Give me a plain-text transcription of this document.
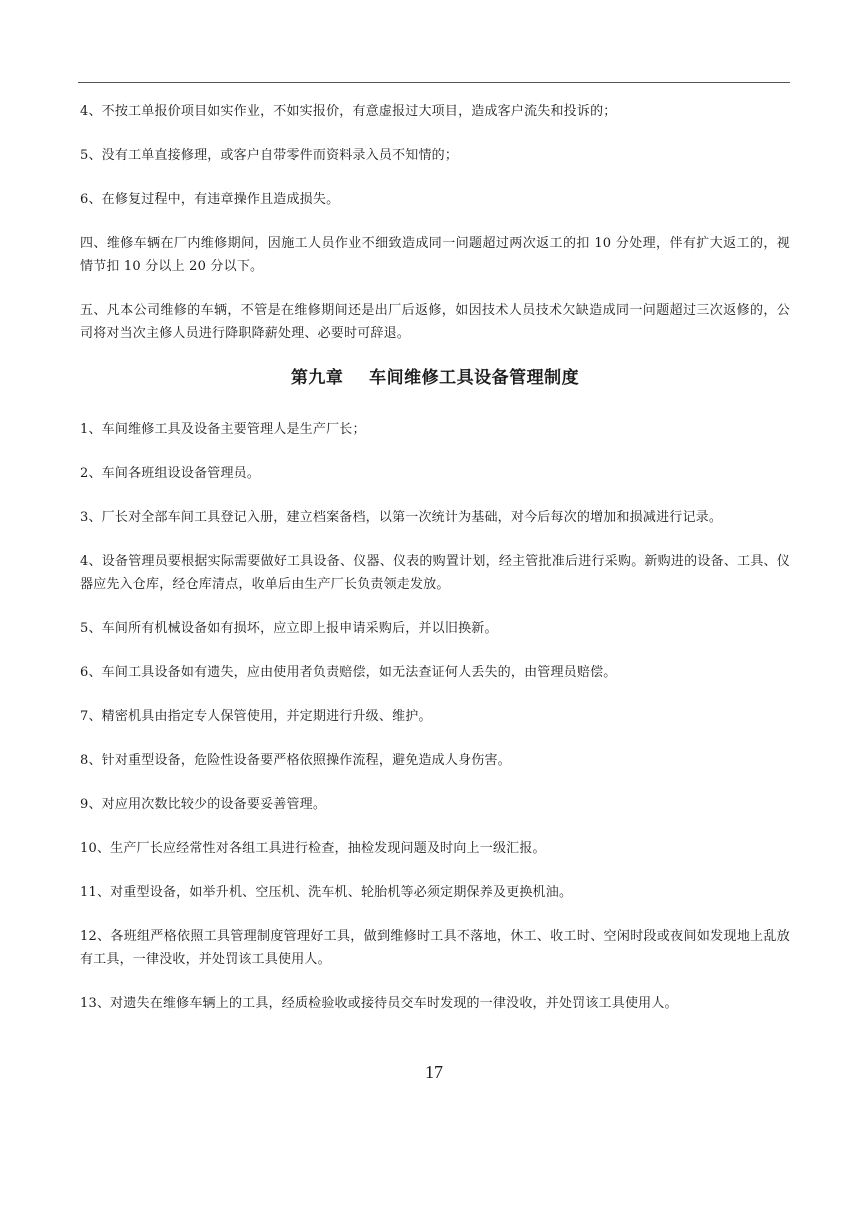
4、不按工单报价项目如实作业，不如实报价，有意虚报过大项目，造成客户流失和投诉的；

5、没有工单直接修理，或客户自带零件而资料录入员不知情的；

6、在修复过程中，有违章操作且造成损失。

四、维修车辆在厂内维修期间，因施工人员作业不细致造成同一问题超过两次返工的扣 10 分处理，伴有扩大返工的，视情节扣 10 分以上 20 分以下。

五、凡本公司维修的车辆，不管是在维修期间还是出厂后返修，如因技术人员技术欠缺造成同一问题超过三次返修的，公司将对当次主修人员进行降职降薪处理、必要时可辞退。

第九章    车间维修工具设备管理制度

1、车间维修工具及设备主要管理人是生产厂长；

2、车间各班组设设备管理员。

3、厂长对全部车间工具登记入册，建立档案备档，以第一次统计为基础，对今后每次的增加和损减进行记录。

4、设备管理员要根据实际需要做好工具设备、仪器、仪表的购置计划，经主管批准后进行采购。新购进的设备、工具、仪器应先入仓库，经仓库清点，收单后由生产厂长负责领走发放。

5、车间所有机械设备如有损坏，应立即上报申请采购后，并以旧换新。

6、车间工具设备如有遗失，应由使用者负责赔偿，如无法查证何人丢失的，由管理员赔偿。

7、精密机具由指定专人保管使用，并定期进行升级、维护。

8、针对重型设备，危险性设备要严格依照操作流程，避免造成人身伤害。

9、对应用次数比较少的设备要妥善管理。

10、生产厂长应经常性对各组工具进行检查，抽检发现问题及时向上一级汇报。

11、对重型设备，如举升机、空压机、洗车机、轮胎机等必须定期保养及更换机油。

12、各班组严格依照工具管理制度管理好工具，做到维修时工具不落地，休工、收工时、空闲时段或夜间如发现地上乱放有工具，一律没收，并处罚该工具使用人。

13、对遗失在维修车辆上的工具，经质检验收或接待员交车时发现的一律没收，并处罚该工具使用人。

17
